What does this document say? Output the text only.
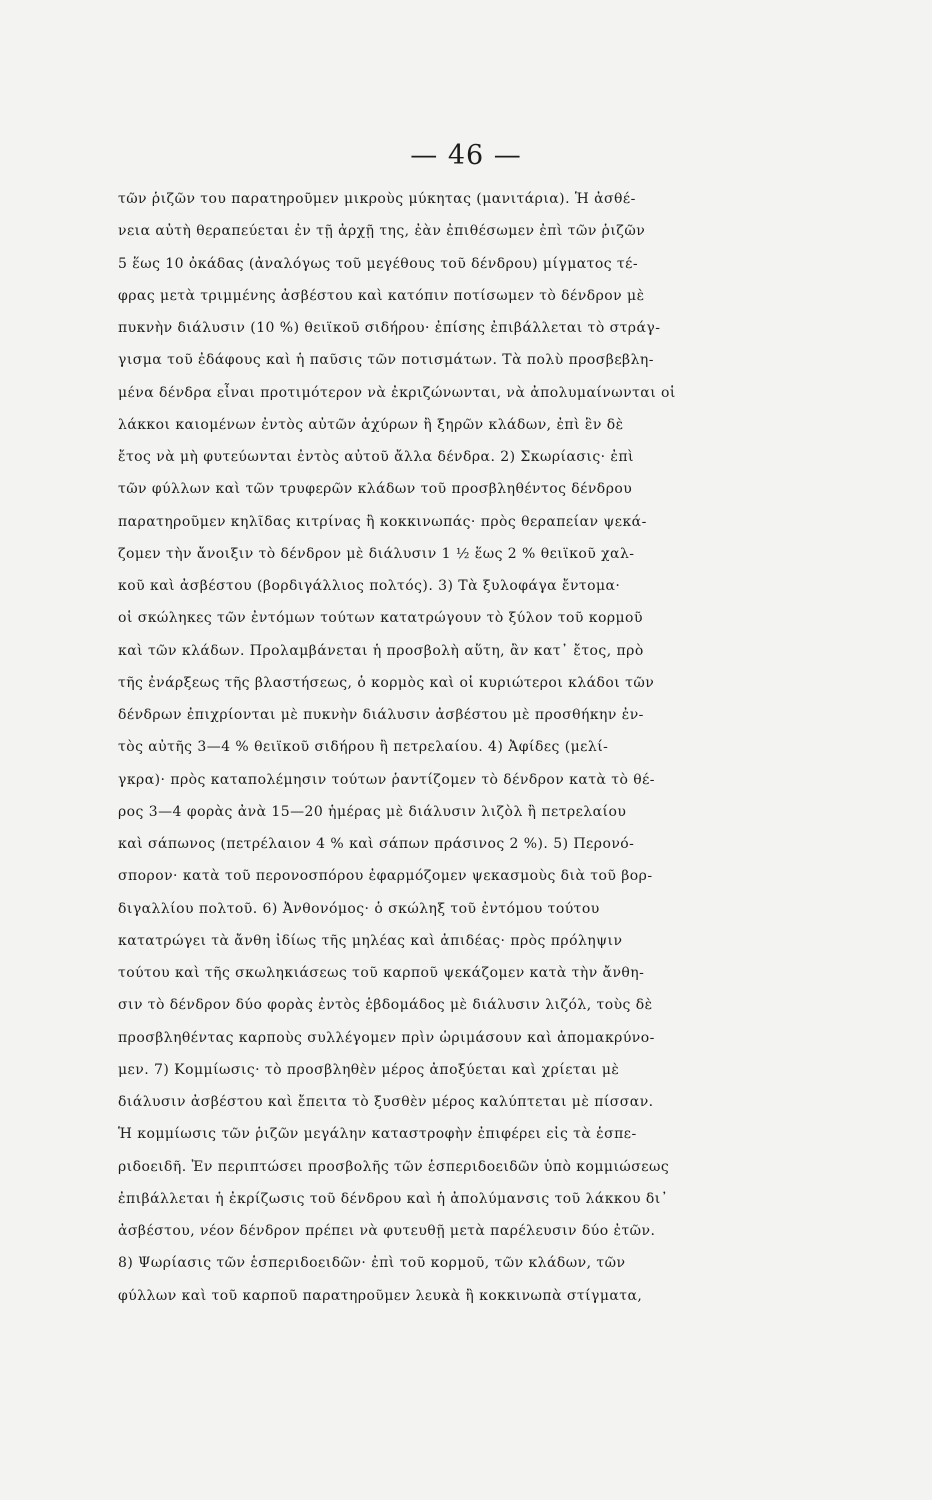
— 46 —
τῶν ῥιζῶν του παρατηροῦμεν μικροὺς μύκητας (μανιτάρια). Ἡ ἀσθέ-
νεια αὐτὴ θεραπεύεται ἐν τῇ ἀρχῇ της, ἐὰν ἐπιθέσωμεν ἐπὶ τῶν ῥιζῶν
5 ἕως 10 ὀκάδας (ἀναλόγως τοῦ μεγέθους τοῦ δένδρου) μίγματος τέ-
φρας μετὰ τριμμένης ἀσβέστου καὶ κατόπιν ποτίσωμεν τὸ δένδρον μὲ
πυκνὴν διάλυσιν (10 %) θειϊκοῦ σιδήρου· ἐπίσης ἐπιβάλλεται τὸ στράγ-
γισμα τοῦ ἐδάφους καὶ ἡ παῦσις τῶν ποτισμάτων. Τὰ πολὺ προσβεβλη-
μένα δένδρα εἶναι προτιμότερον νὰ ἐκριζώνωνται, νὰ ἀπολυμαίνωνται οἱ
λάκκοι καιομένων ἐντὸς αὐτῶν ἀχύρων ἢ ξηρῶν κλάδων, ἐπὶ ἓν δὲ
ἔτος νὰ μὴ φυτεύωνται ἐντὸς αὐτοῦ ἄλλα δένδρα. 2) Σκωρίασις· ἐπὶ
τῶν φύλλων καὶ τῶν τρυφερῶν κλάδων τοῦ προσβληθέντος δένδρου
παρατηροῦμεν κηλῖδας κιτρίνας ἢ κοκκινωπάς· πρὸς θεραπείαν ψεκά-
ζομεν τὴν ἄνοιξιν τὸ δένδρον μὲ διάλυσιν 1 ½ ἕως 2 % θειϊκοῦ χαλ-
κοῦ καὶ ἀσβέστου (βορδιγάλλιος πολτός). 3) Τὰ ξυλοφάγα ἔντομα·
οἱ σκώληκες τῶν ἐντόμων τούτων κατατρώγουν τὸ ξύλον τοῦ κορμοῦ
καὶ τῶν κλάδων. Προλαμβάνεται ἡ προσβολὴ αὕτη, ἂν κατ᾽ ἔτος, πρὸ
τῆς ἐνάρξεως τῆς βλαστήσεως, ὁ κορμὸς καὶ οἱ κυριώτεροι κλάδοι τῶν
δένδρων ἐπιχρίονται μὲ πυκνὴν διάλυσιν ἀσβέστου μὲ προσθήκην ἐν-
τὸς αὐτῆς 3—4 % θειϊκοῦ σιδήρου ἢ πετρελαίου. 4) Ἀφίδες (μελί-
γκρα)· πρὸς καταπολέμησιν τούτων ῥαντίζομεν τὸ δένδρον κατὰ τὸ θέ-
ρος 3—4 φορὰς ἀνὰ 15—20 ἡμέρας μὲ διάλυσιν λιζὸλ ἢ πετρελαίου
καὶ σάπωνος (πετρέλαιον 4 % καὶ σάπων πράσινος 2 %). 5) Περονό-
σπορον· κατὰ τοῦ περονοσπόρου ἐφαρμόζομεν ψεκασμοὺς διὰ τοῦ βορ-
διγαλλίου πολτοῦ. 6) Ἀνθονόμος· ὁ σκώληξ τοῦ ἐντόμου τούτου
κατατρώγει τὰ ἄνθη ἰδίως τῆς μηλέας καὶ ἀπιδέας· πρὸς πρόληψιν
τούτου καὶ τῆς σκωληκιάσεως τοῦ καρποῦ ψεκάζομεν κατὰ τὴν ἄνθη-
σιν τὸ δένδρον δύο φορὰς ἐντὸς ἑβδομάδος μὲ διάλυσιν λιζόλ, τοὺς δὲ
προσβληθέντας καρποὺς συλλέγομεν πρὶν ὡριμάσουν καὶ ἀπομακρύνο-
μεν. 7) Κομμίωσις· τὸ προσβληθὲν μέρος ἀποξύεται καὶ χρίεται μὲ
διάλυσιν ἀσβέστου καὶ ἔπειτα τὸ ξυσθὲν μέρος καλύπτεται μὲ πίσσαν.
Ἡ κομμίωσις τῶν ῥιζῶν μεγάλην καταστροφὴν ἐπιφέρει εἰς τὰ ἑσπε-
ριδοειδῆ. Ἐν περιπτώσει προσβολῆς τῶν ἑσπεριδοειδῶν ὑπὸ κομμιώσεως
ἐπιβάλλεται ἡ ἐκρίζωσις τοῦ δένδρου καὶ ἡ ἀπολύμανσις τοῦ λάκκου δι᾽
ἀσβέστου, νέον δένδρον πρέπει νὰ φυτευθῇ μετὰ παρέλευσιν δύο ἐτῶν.
8) Ψωρίασις τῶν ἑσπεριδοειδῶν· ἐπὶ τοῦ κορμοῦ, τῶν κλάδων, τῶν
φύλλων καὶ τοῦ καρποῦ παρατηροῦμεν λευκὰ ἢ κοκκινωπὰ στίγματα,
